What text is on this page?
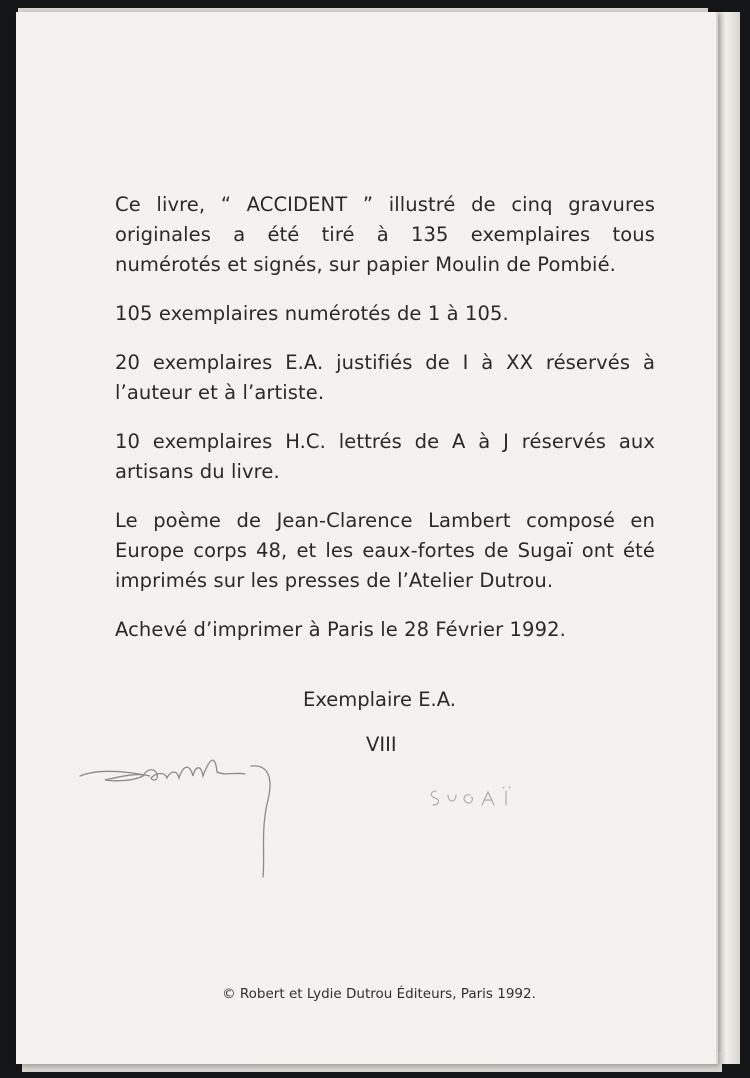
Ce livre, “ ACCIDENT ” illustré de cinq gravures originales a été tiré à 135 exemplaires tous numérotés et signés, sur papier Moulin de Pombié.

105 exemplaires numérotés de 1 à 105.

20 exemplaires E.A. justifiés de I à XX réservés à l’auteur et à l’artiste.

10 exemplaires H.C. lettrés de A à J réservés aux artisans du livre.

Le poème de Jean-Clarence Lambert composé en Europe corps 48, et les eaux-fortes de Sugaï ont été imprimés sur les presses de l’Atelier Dutrou.

Achevé d’imprimer à Paris le 28 Février 1992.

Exemplaire E.A.
VIII
© Robert et Lydie Dutrou Éditeurs, Paris 1992.
